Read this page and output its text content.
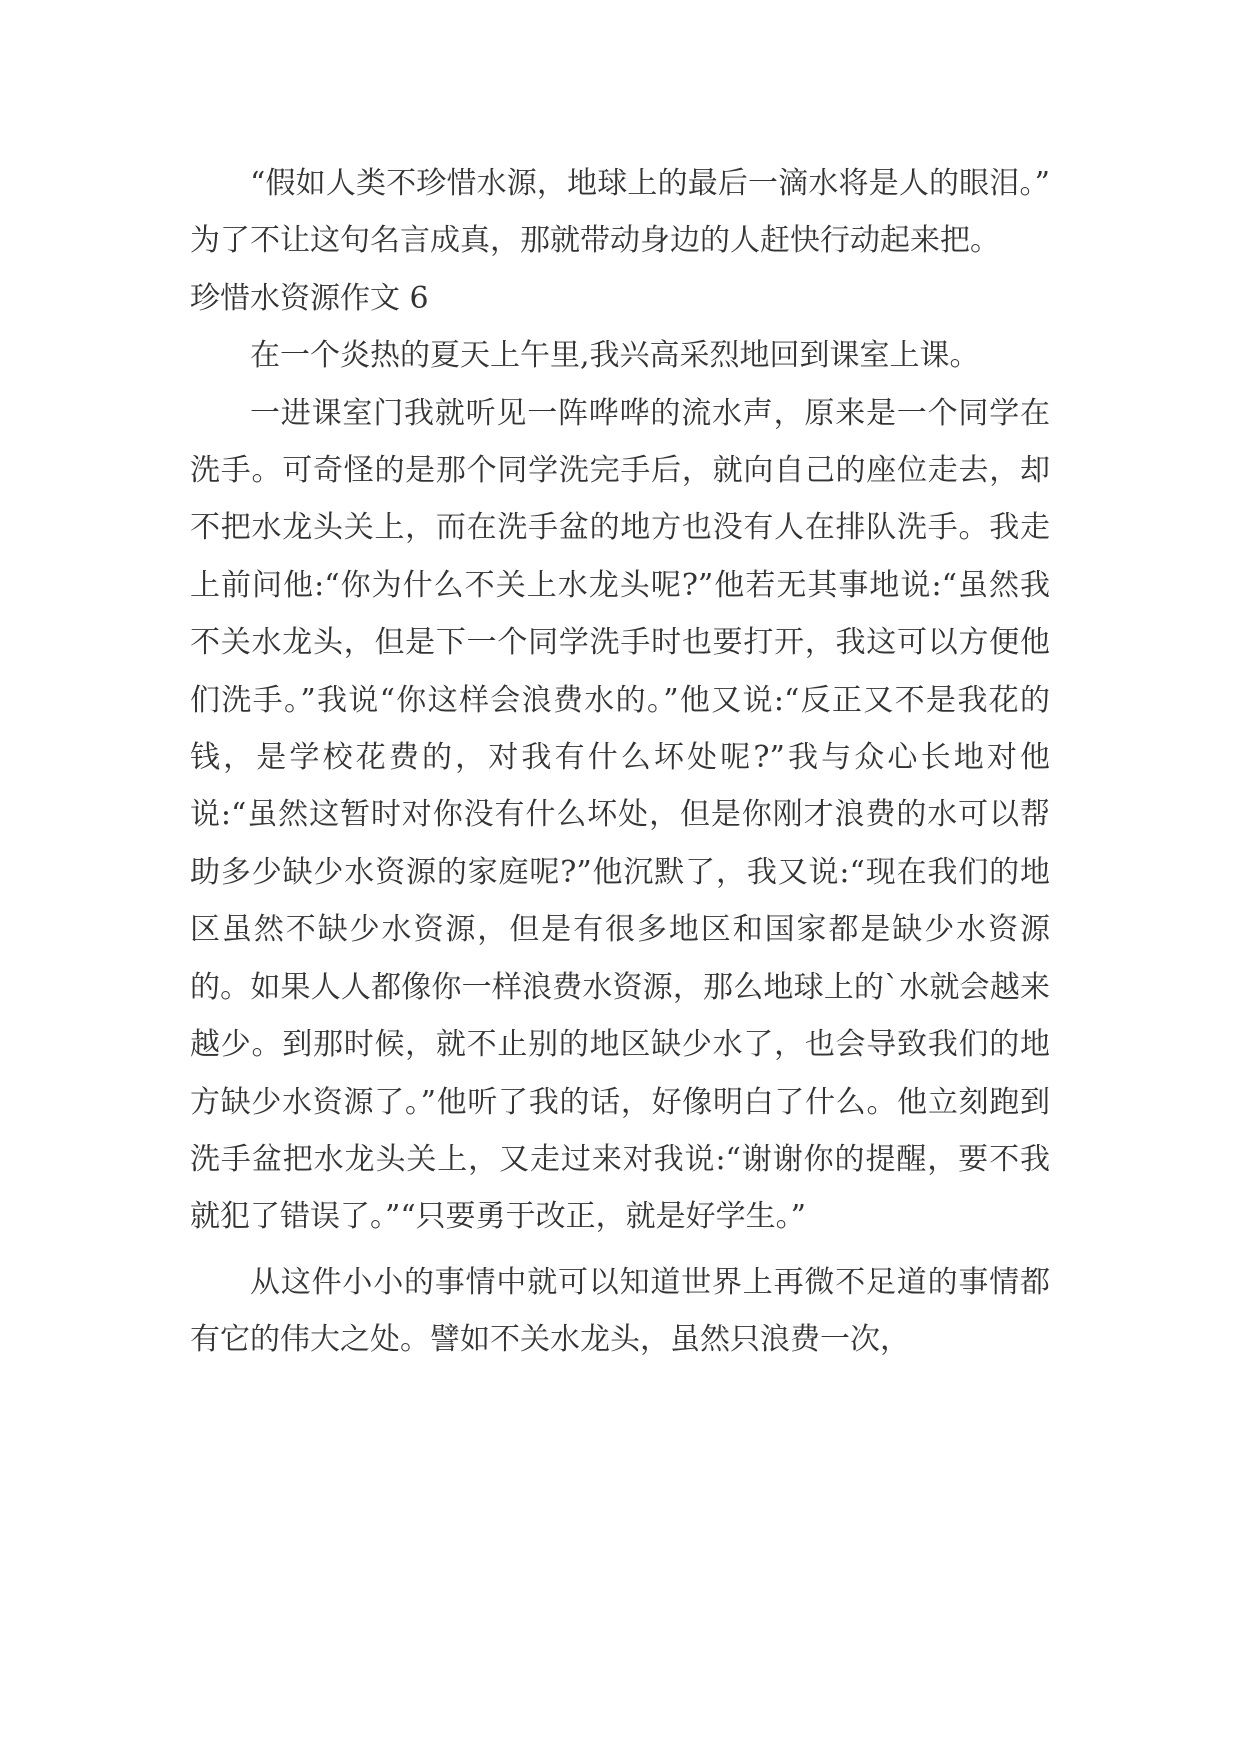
“假如人类不珍惜水源，地球上的最后一滴水将是人的眼泪。” 为了不让这句名言成真，那就带动身边的人赶快行动起来把。

珍惜水资源作文 6

在一个炎热的夏天上午里,我兴高采烈地回到课室上课。

一进课室门我就听见一阵哗哗的流水声，原来是一个同学在洗手。可奇怪的是那个同学洗完手后，就向自己的座位走去，却不把水龙头关上，而在洗手盆的地方也没有人在排队洗手。我走上前问他:“你为什么不关上水龙头呢?”他若无其事地说:“虽然我不关水龙头，但是下一个同学洗手时也要打开，我这可以方便他们洗手。”我说“你这样会浪费水的。”他又说:“反正又不是我花的钱，是学校花费的，对我有什么坏处呢?”我与众心长地对他说:“虽然这暂时对你没有什么坏处，但是你刚才浪费的水可以帮助多少缺少水资源的家庭呢?”他沉默了，我又说:“现在我们的地区虽然不缺少水资源，但是有很多地区和国家都是缺少水资源的。如果人人都像你一样浪费水资源，那么地球上的`水就会越来越少。到那时候，就不止别的地区缺少水了，也会导致我们的地方缺少水资源了。”他听了我的话，好像明白了什么。他立刻跑到洗手盆把水龙头关上，又走过来对我说:“谢谢你的提醒，要不我就犯了错误了。”“只要勇于改正，就是好学生。”

从这件小小的事情中就可以知道世界上再微不足道的事情都有它的伟大之处。譬如不关水龙头，虽然只浪费一次，
